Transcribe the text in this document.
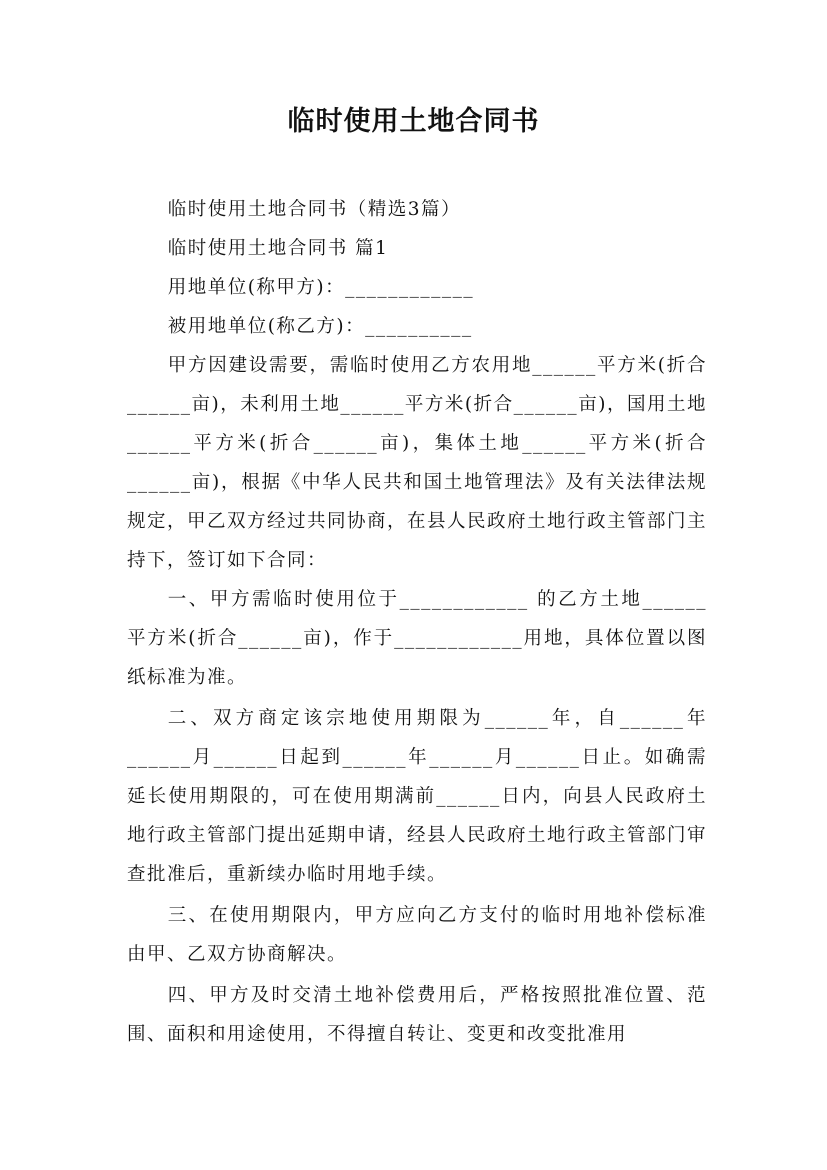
临时使用土地合同书

临时使用土地合同书（精选3篇）

临时使用土地合同书 篇1

用地单位(称甲方)：____________

被用地单位(称乙方)：__________

甲方因建设需要，需临时使用乙方农用地______平方米(折合______亩)，未利用土地______平方米(折合______亩)，国用土地______平方米(折合______亩)，集体土地______平方米(折合______亩)，根据《中华人民共和国土地管理法》及有关法律法规规定，甲乙双方经过共同协商，在县人民政府土地行政主管部门主持下，签订如下合同：

一、甲方需临时使用位于____________ 的乙方土地______平方米(折合______亩)，作于____________用地，具体位置以图纸标准为准。

二、双方商定该宗地使用期限为______年，自______年______月______日起到______年______月______日止。如确需延长使用期限的，可在使用期满前______日内，向县人民政府土地行政主管部门提出延期申请，经县人民政府土地行政主管部门审查批准后，重新续办临时用地手续。

三、在使用期限内，甲方应向乙方支付的临时用地补偿标准由甲、乙双方协商解决。

四、甲方及时交清土地补偿费用后，严格按照批准位置、范围、面积和用途使用，不得擅自转让、变更和改变批准用
